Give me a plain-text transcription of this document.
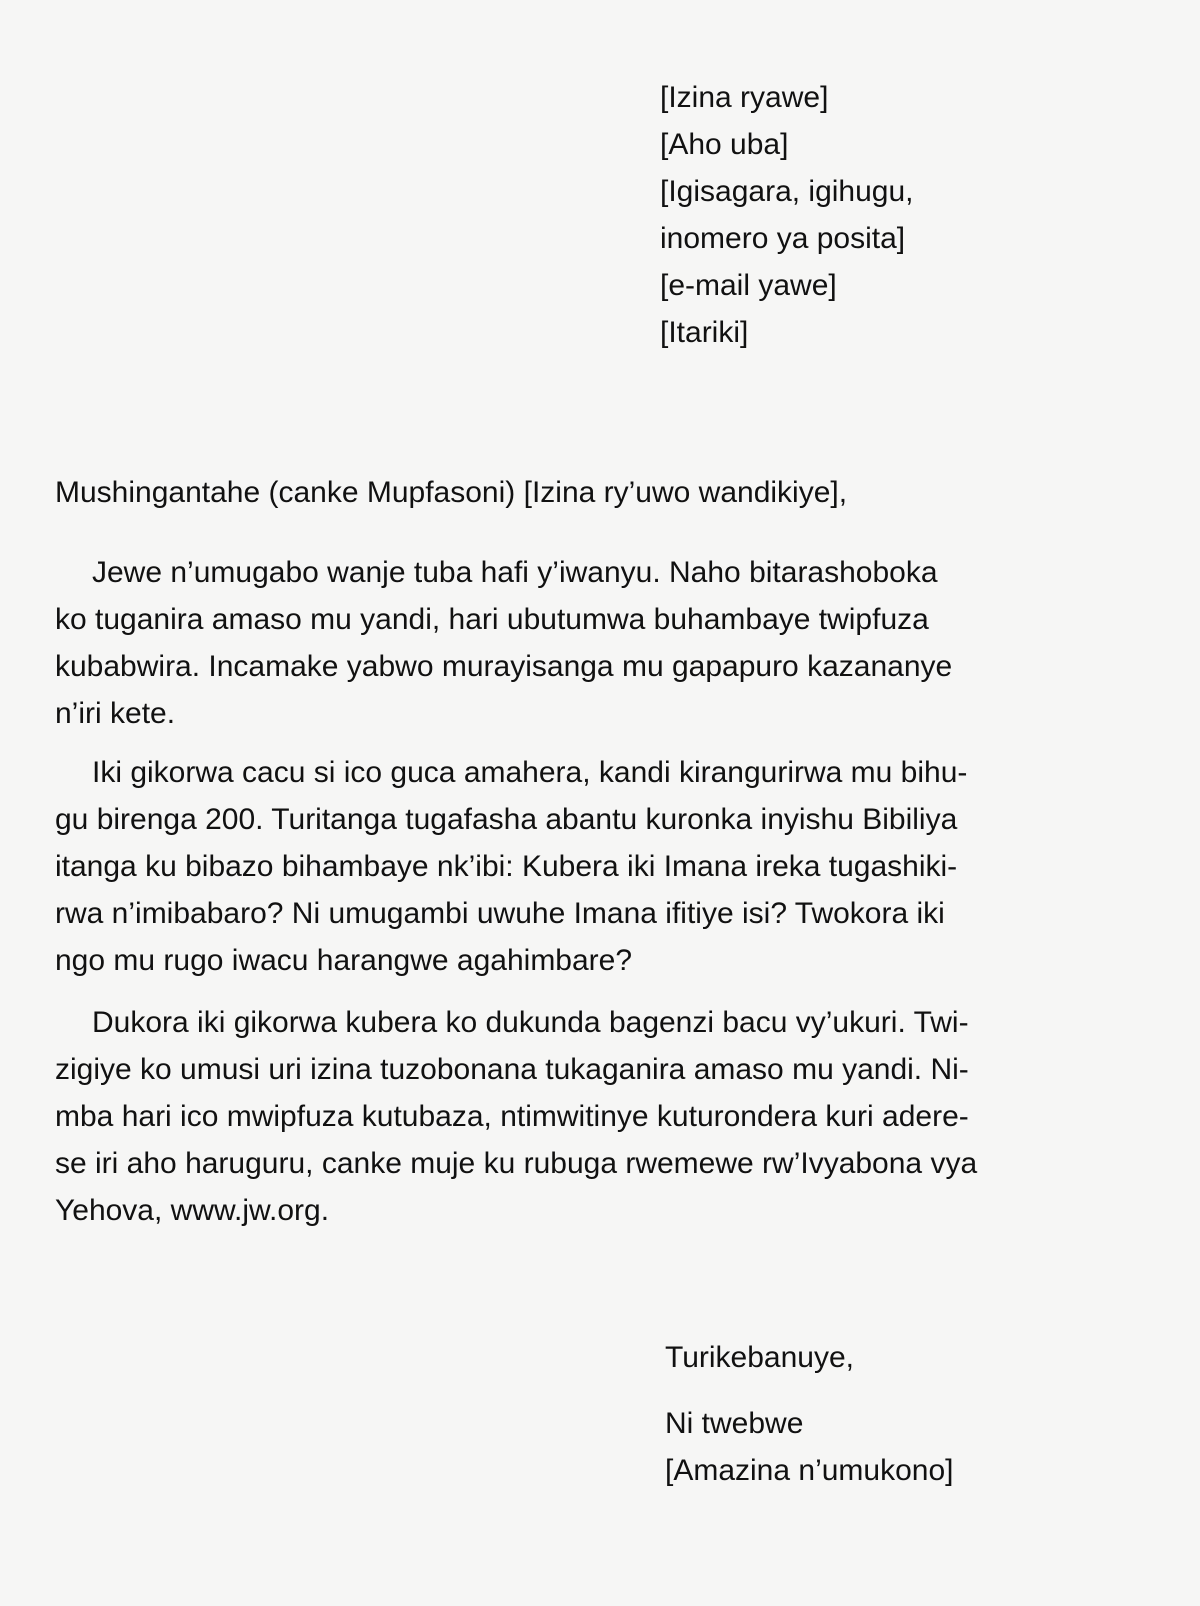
[Izina ryawe]
[Aho uba]
[Igisagara, igihugu,
inomero ya posita]
[e-mail yawe]
[Itariki]
Mushingantahe (canke Mupfasoni) [Izina ry’uwo wandikiye],
Jewe n’umugabo wanje tuba hafi y’iwanyu. Naho bitarashoboka
ko tuganira amaso mu yandi, hari ubutumwa buhambaye twipfuza
kubabwira. Incamake yabwo murayisanga mu gapapuro kazananye
n’iri kete.
Iki gikorwa cacu si ico guca amahera, kandi kirangurirwa mu bihu-
gu birenga 200. Turitanga tugafasha abantu kuronka inyishu Bibiliya
itanga ku bibazo bihambaye nk’ibi: Kubera iki Imana ireka tugashiki-
rwa n’imibabaro? Ni umugambi uwuhe Imana ifitiye isi? Twokora iki
ngo mu rugo iwacu harangwe agahimbare?
Dukora iki gikorwa kubera ko dukunda bagenzi bacu vy’ukuri. Twi-
zigiye ko umusi uri izina tuzobonana tukaganira amaso mu yandi. Ni-
mba hari ico mwipfuza kutubaza, ntimwitinye kuturondera kuri adere-
se iri aho haruguru, canke muje ku rubuga rwemewe rw’Ivyabona vya
Yehova, www.jw.org.
Turikebanuye,
Ni twebwe
[Amazina n’umukono]
